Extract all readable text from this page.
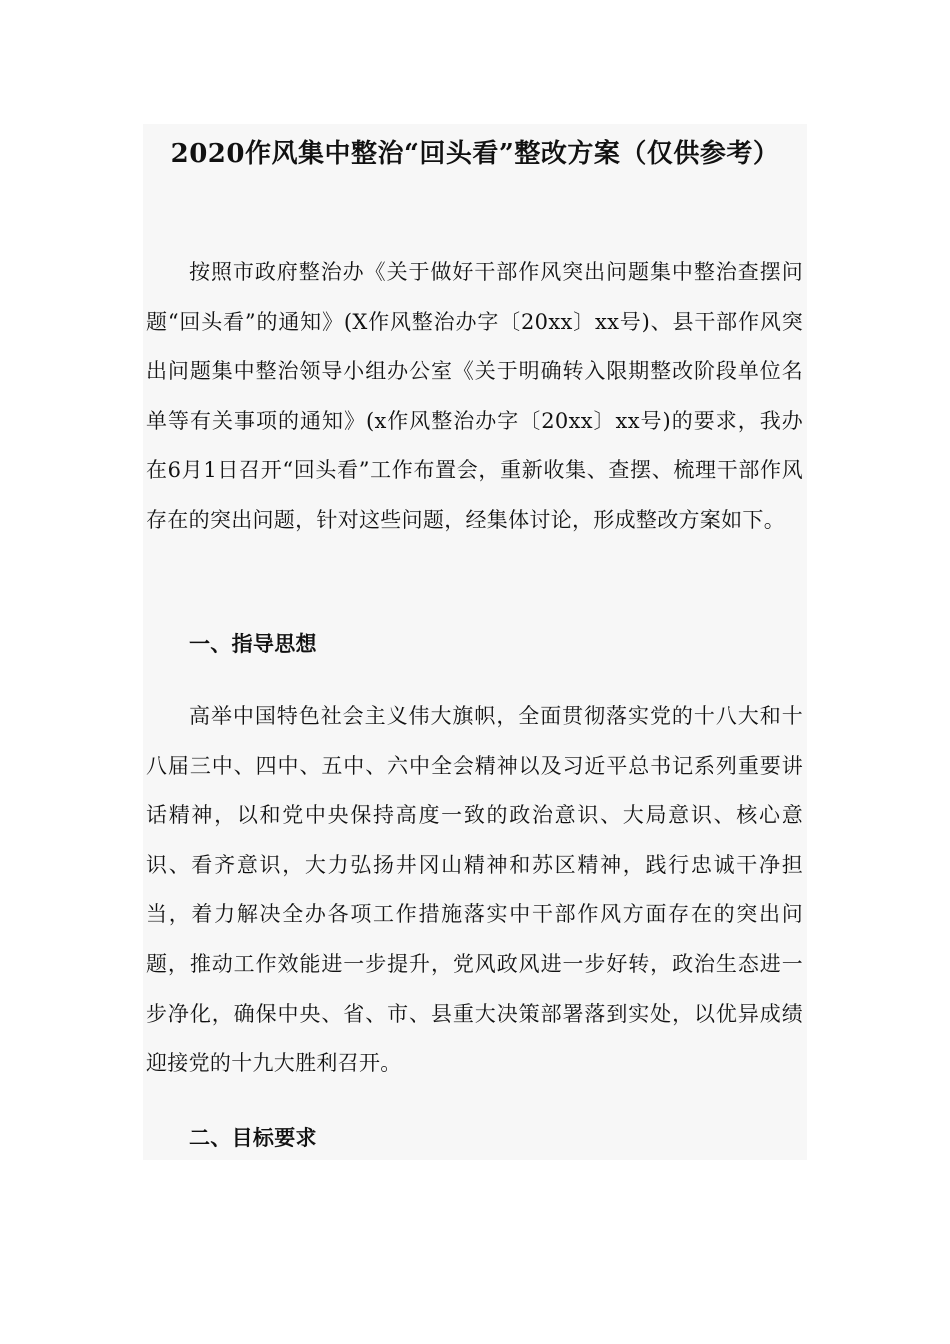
2020作风集中整治“回头看”整改方案（仅供参考）

按照市政府整治办《关于做好干部作风突出问题集中整治查摆问题“回头看”的通知》(X作风整治办字〔20xx〕xx号)、县干部作风突出问题集中整治领导小组办公室《关于明确转入限期整改阶段单位名单等有关事项的通知》(x作风整治办字〔20xx〕xx号)的要求，我办在6月1日召开“回头看”工作布置会，重新收集、查摆、梳理干部作风存在的突出问题，针对这些问题，经集体讨论，形成整改方案如下。

一、指导思想

高举中国特色社会主义伟大旗帜，全面贯彻落实党的十八大和十八届三中、四中、五中、六中全会精神以及习近平总书记系列重要讲话精神，以和党中央保持高度一致的政治意识、大局意识、核心意识、看齐意识，大力弘扬井冈山精神和苏区精神，践行忠诚干净担当，着力解决全办各项工作措施落实中干部作风方面存在的突出问题，推动工作效能进一步提升，党风政风进一步好转，政治生态进一步净化，确保中央、省、市、县重大决策部署落到实处，以优异成绩迎接党的十九大胜利召开。

二、目标要求
